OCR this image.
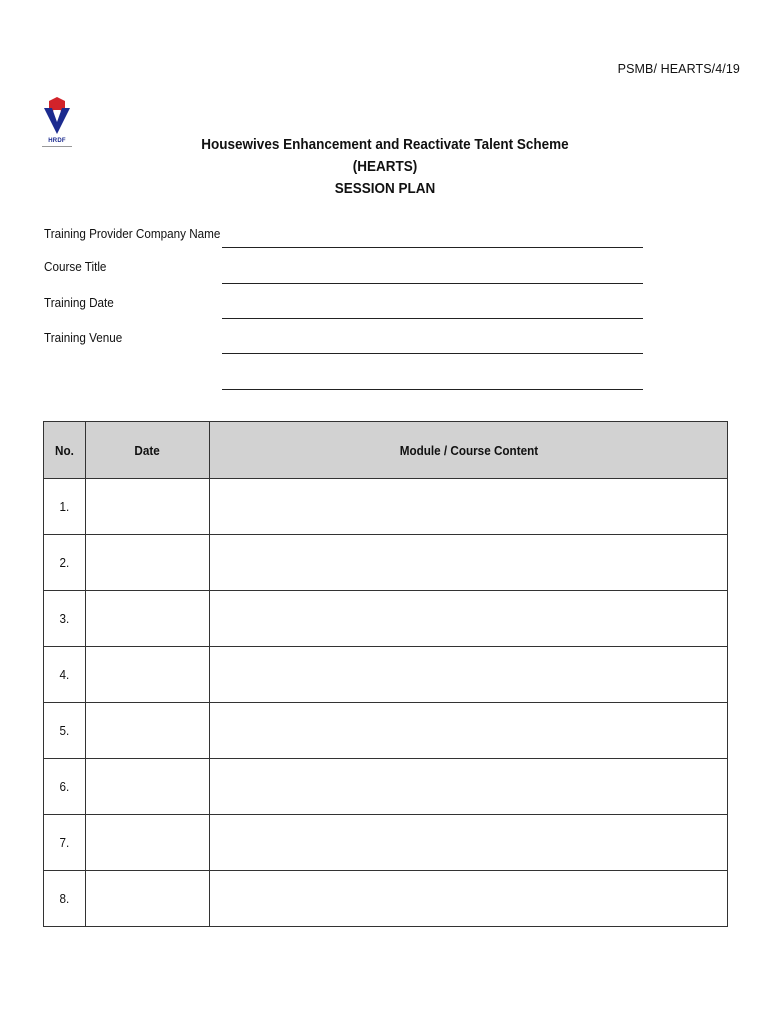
PSMB/ HEARTS/4/19
HRDF	Housewives Enhancement and Reactivate Talent Scheme
(HEARTS)
SESSION PLAN
Training Provider Company Name
Course Title
Training Date
Training Venue
No.	Date	Module / Course Content
1.		
2.		
3.		
4.		
5.		
6.		
7.		
8.		
